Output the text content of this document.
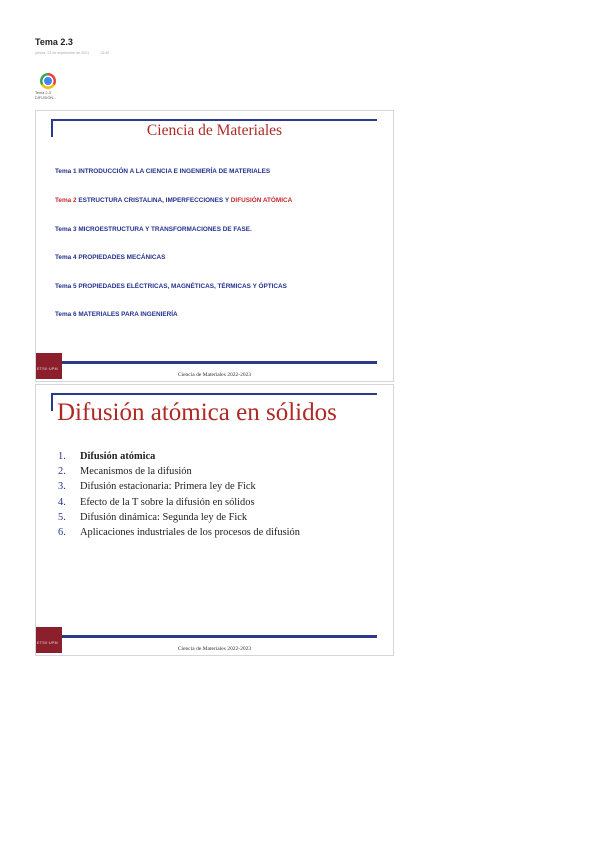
Tema 2.3
jueves, 23 de septiembre de 2021	13:49
Tema 2-3
DIFUSIÓN...
Ciencia de Materiales
Tema 1 INTRODUCCIÓN A LA CIENCIA E INGENIERÍA DE MATERIALES
Tema 2 ESTRUCTURA CRISTALINA, IMPERFECCIONES Y DIFUSIÓN ATÓMICA
Tema 3 MICROESTRUCTURA Y TRANSFORMACIONES DE FASE.
Tema 4 PROPIEDADES MECÁNICAS
Tema 5 PROPIEDADES ELÉCTRICAS, MAGNÉTICAS, TÉRMICAS Y ÓPTICAS
Tema 6 MATERIALES PARA INGENIERÍA
ETSII·UPM
Ciencia de Materiales 2022-2023
Difusión atómica en sólidos
1. Difusión atómica
2. Mecanismos de la difusión
3. Difusión estacionaria: Primera ley de Fick
4. Efecto de la T sobre la difusión en sólidos
5. Difusión dinámica: Segunda ley de Fick
6. Aplicaciones industriales de los procesos de difusión
ETSII·UPM
Ciencia de Materiales 2022-2023
